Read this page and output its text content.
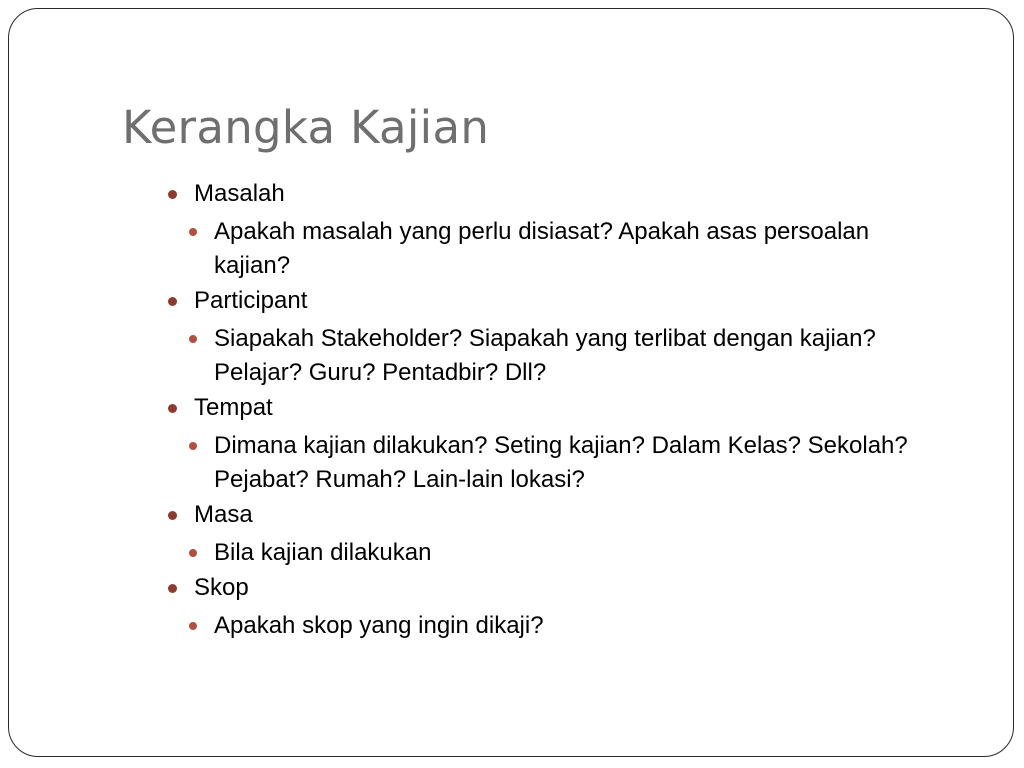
Kerangka Kajian
Masalah
Apakah masalah yang perlu disiasat? Apakah asas persoalan kajian?
Participant
Siapakah Stakeholder? Siapakah yang terlibat dengan kajian? Pelajar? Guru? Pentadbir? Dll?
Tempat
Dimana kajian dilakukan? Seting kajian? Dalam Kelas? Sekolah? Pejabat? Rumah? Lain-lain lokasi?
Masa
Bila kajian dilakukan
Skop
Apakah skop yang ingin dikaji?
